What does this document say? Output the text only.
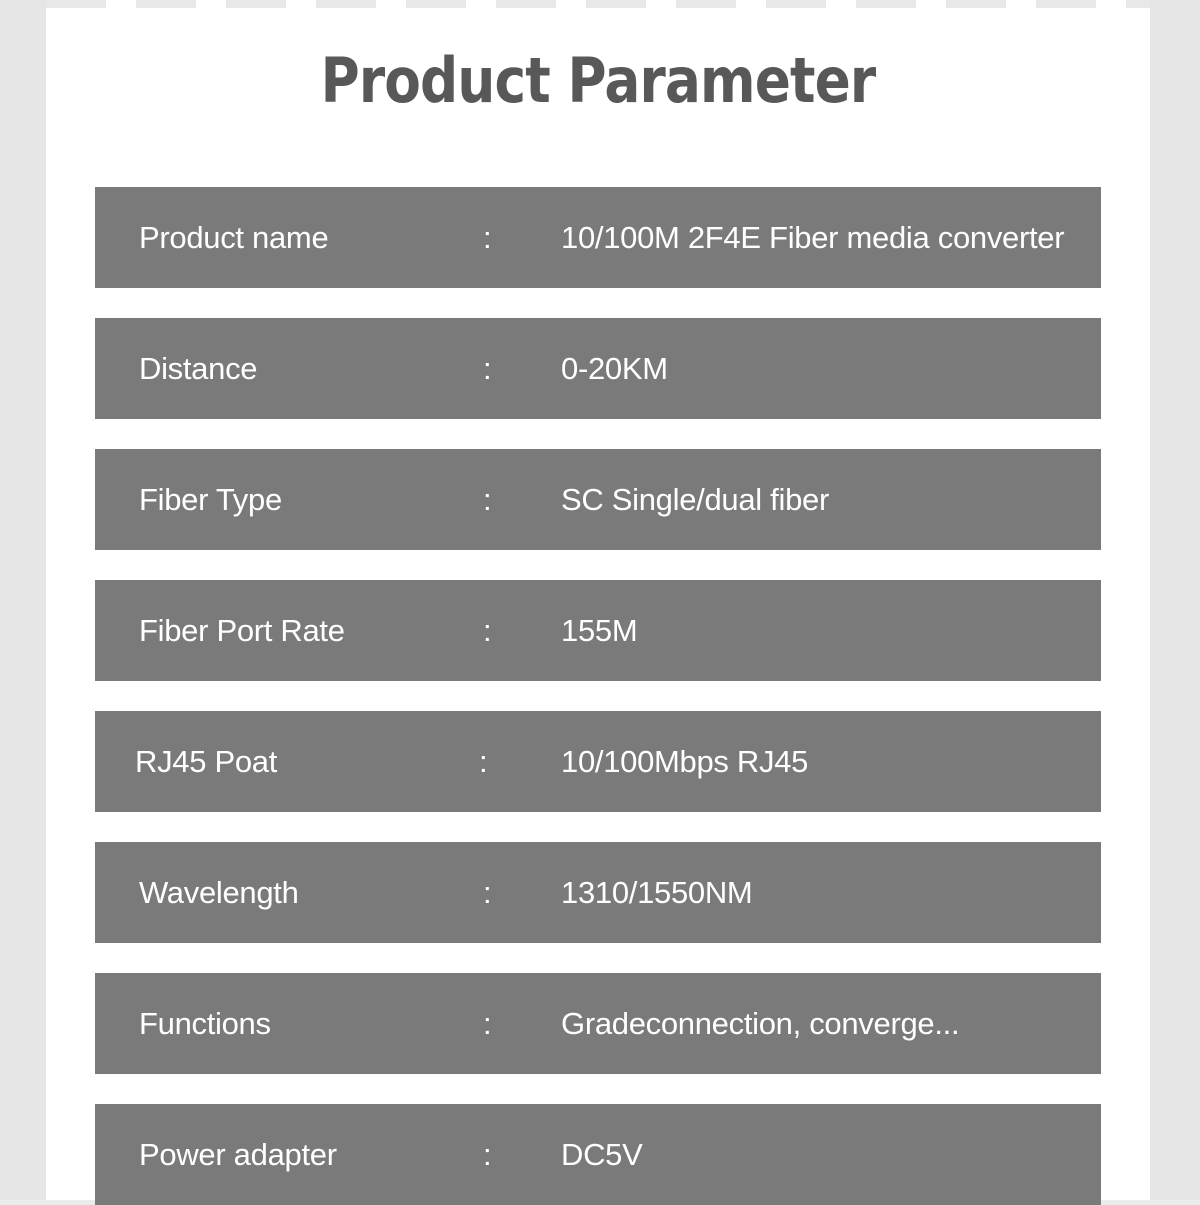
Product Parameter
Product name	: 10/100M 2F4E Fiber media converter
Distance	: 0-20KM
Fiber Type	: SC Single/dual fiber
Fiber Port Rate	: 155M
RJ45 Poat	: 10/100Mbps RJ45
Wavelength	: 1310/1550NM
Functions	: Gradeconnection, converge...
Power adapter	: DC5V
